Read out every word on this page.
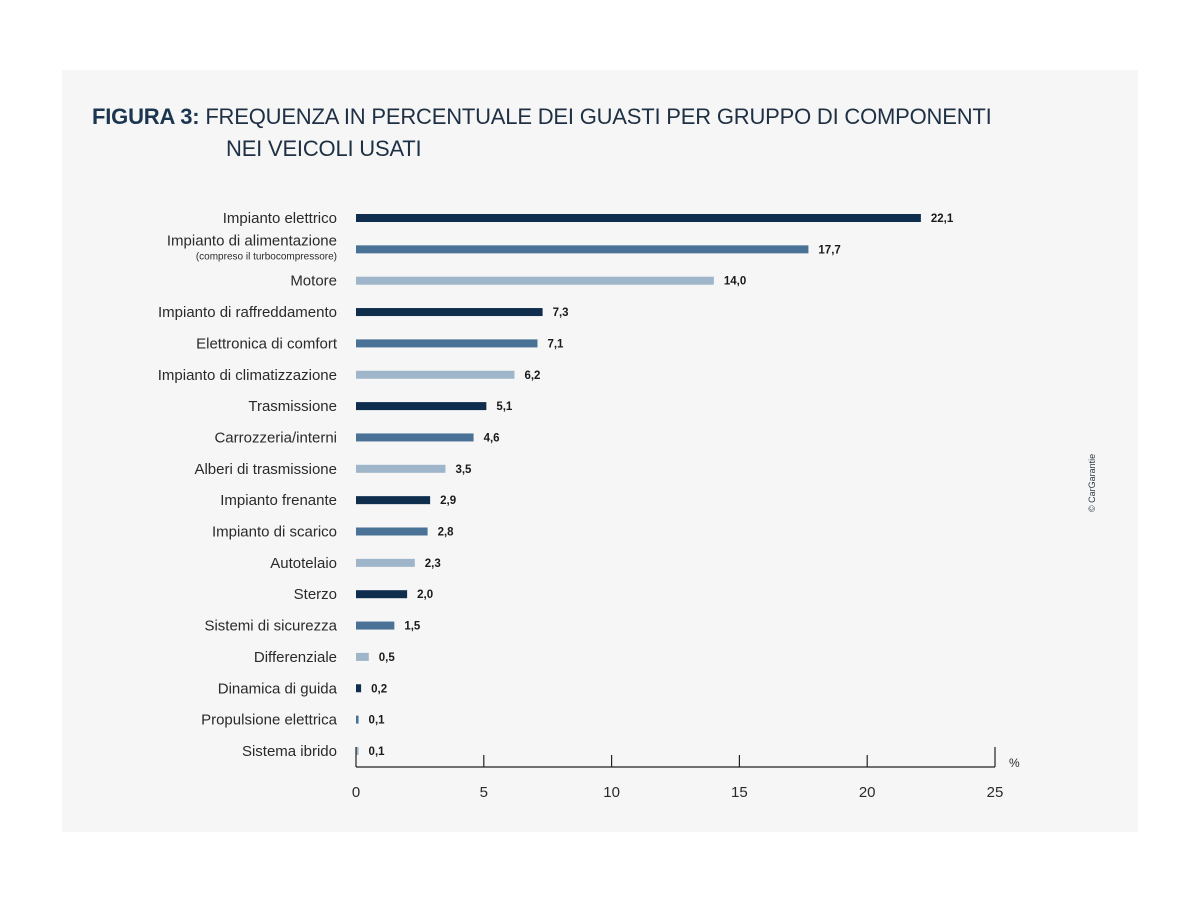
FIGURA 3: FREQUENZA IN PERCENTUALE DEI GUASTI PER GRUPPO DI COMPONENTI
NEI VEICOLI USATI
Impianto elettrico	22,1
Impianto di alimentazione
(compreso il turbocompressore)
17,7
Motore	14,0
Impianto di raffreddamento	7,3
Elettronica di comfort	7,1
Impianto di climatizzazione	6,2
Trasmissione	5,1
Carrozzeria/interni	4,6
Alberi di trasmissione	3,5
Impianto frenante	2,9
Impianto di scarico	2,8
Autotelaio	2,3
Sterzo	2,0
Sistemi di sicurezza	1,5
Differenziale	0,5
Dinamica di guida	0,2
Propulsione elettrica	0,1
Sistema ibrido	0,1
0	5	10	15	20	25
%
© CarGarantie
